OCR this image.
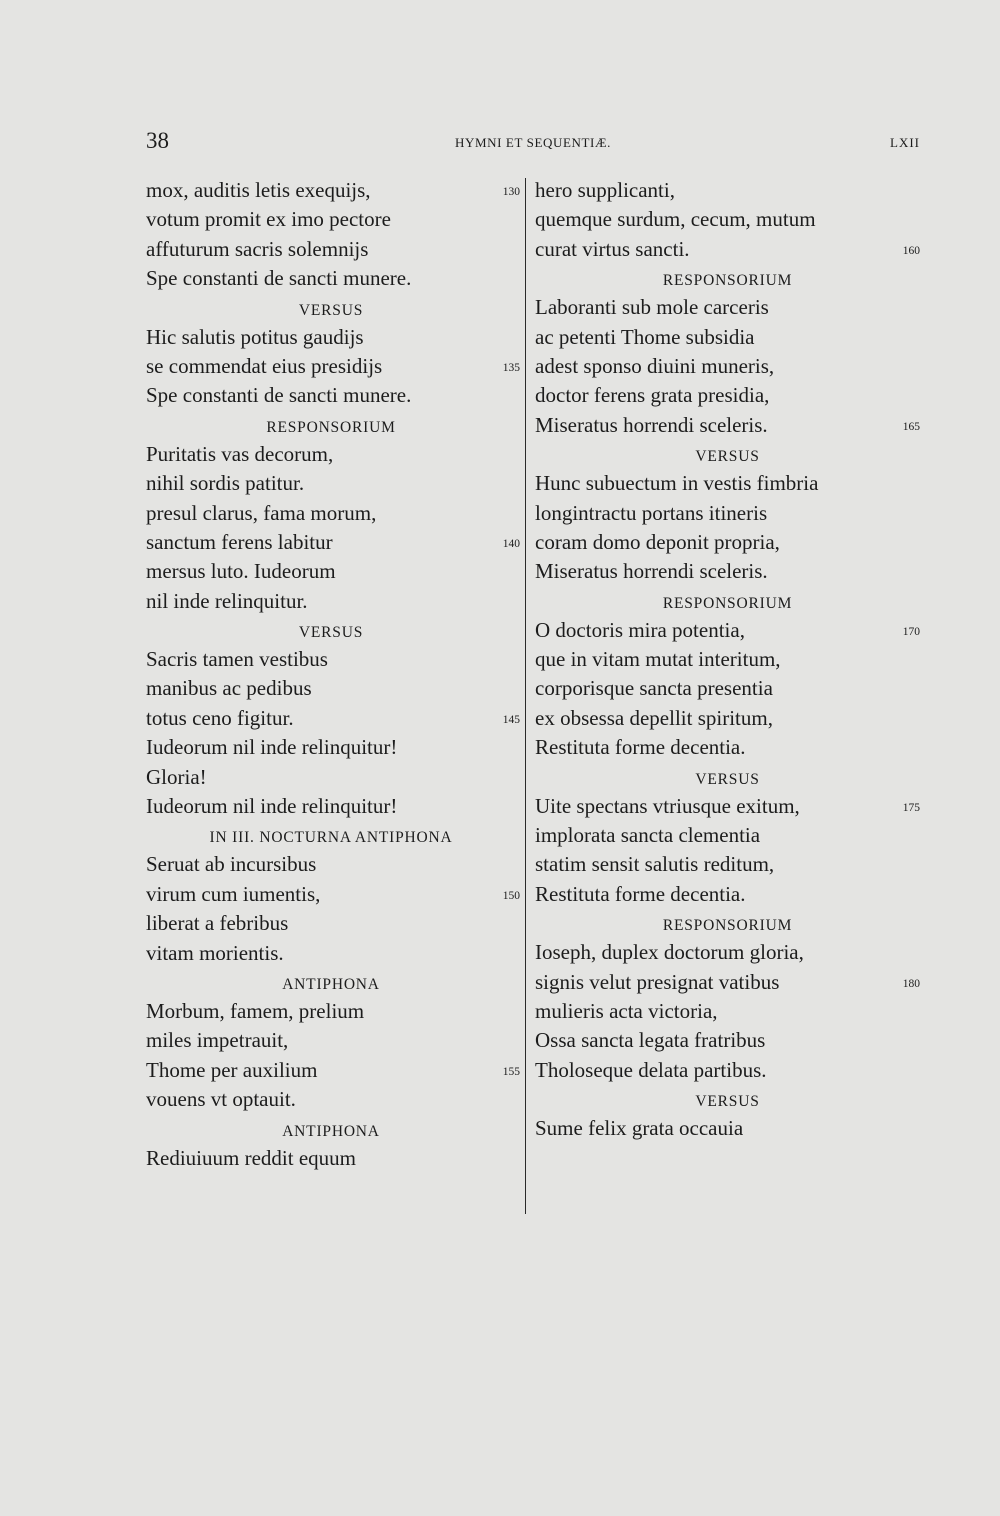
38	HYMNI ET SEQUENTIÆ.	LXII
mox, auditis letis exequijs,	130
votum promit ex imo pectore
affuturum sacris solemnijs
Spe constanti de sancti munere.
VERSUS
Hic salutis potitus gaudijs
se commendat eius presidijs	135
Spe constanti de sancti munere.
RESPONSORIUM
Puritatis vas decorum,
nihil sordis patitur.
presul clarus, fama morum,
sanctum ferens labitur	140
mersus luto. Iudeorum
nil inde relinquitur.
VERSUS
Sacris tamen vestibus
manibus ac pedibus
totus ceno figitur.	145
Iudeorum nil inde relinquitur!
Gloria!
Iudeorum nil inde relinquitur!
IN III. NOCTURNA ANTIPHONA
Seruat ab incursibus
virum cum iumentis,	150
liberat a febribus
vitam morientis.
ANTIPHONA
Morbum, famem, prelium
miles impetrauit,
Thome per auxilium	155
vouens vt optauit.
ANTIPHONA
Rediuiuum reddit equum
hero supplicanti,
quemque surdum, cecum, mutum
curat virtus sancti.	160
RESPONSORIUM
Laboranti sub mole carceris
ac petenti Thome subsidia
adest sponso diuini muneris,
doctor ferens grata presidia,
Miseratus horrendi sceleris.	165
VERSUS
Hunc subuectum in vestis fimbria
longintractu portans itineris
coram domo deponit propria,
Miseratus horrendi sceleris.
RESPONSORIUM
O doctoris mira potentia,	170
que in vitam mutat interitum,
corporisque sancta presentia
ex obsessa depellit spiritum,
Restituta forme decentia.
VERSUS
Uite spectans vtriusque exitum,	175
implorata sancta clementia
statim sensit salutis reditum,
Restituta forme decentia.
RESPONSORIUM
Ioseph, duplex doctorum gloria,
signis velut presignat vatibus	180
mulieris acta victoria,
Ossa sancta legata fratribus
Tholoseque delata partibus.
VERSUS
Sume felix grata occauia
